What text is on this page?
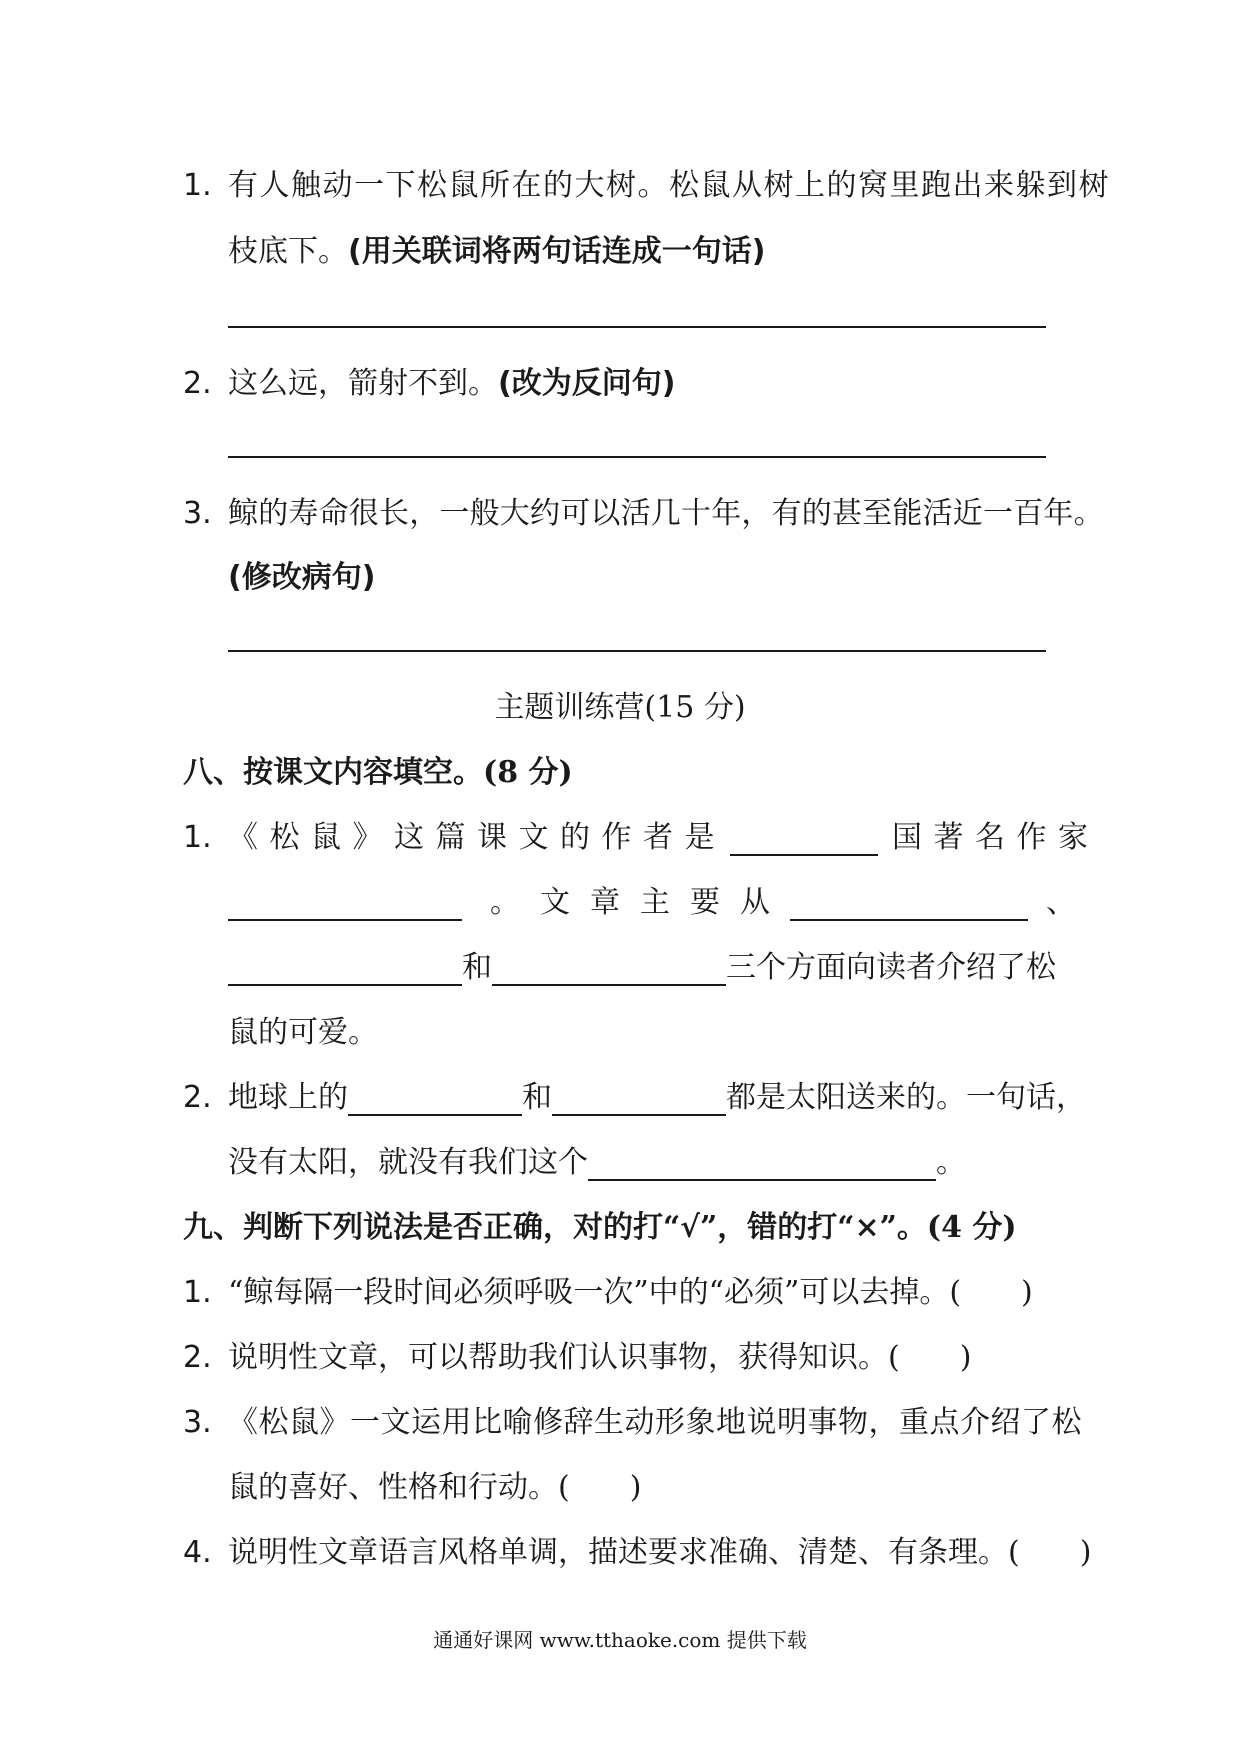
1. 有人触动一下松鼠所在的大树。松鼠从树上的窝里跑出来躲到树
枝底下。(用关联词将两句话连成一句话)
2. 这么远，箭射不到。(改为反问句)
3. 鲸的寿命很长，一般大约可以活几十年，有的甚至能活近一百年。
(修改病句)
主题训练营(15 分)
八、按课文内容填空。(8 分)
1. 《松鼠》这篇课文的作者是	国著名作家
。文章主要从	、
和	三个方面向读者介绍了松
鼠的可爱。
2. 地球上的	和	都是太阳送来的。一句话，
没有太阳，就没有我们这个	。
九、判断下列说法是否正确，对的打“√”，错的打“×”。(4 分)
1. “鲸每隔一段时间必须呼吸一次”中的“必须”可以去掉。(　　)
2. 说明性文章，可以帮助我们认识事物，获得知识。(　　)
3. 《松鼠》一文运用比喻修辞生动形象地说明事物，重点介绍了松
鼠的喜好、性格和行动。(　　)
4. 说明性文章语言风格单调，描述要求准确、清楚、有条理。(　　)
通通好课网 www.tthaoke.com 提供下载
